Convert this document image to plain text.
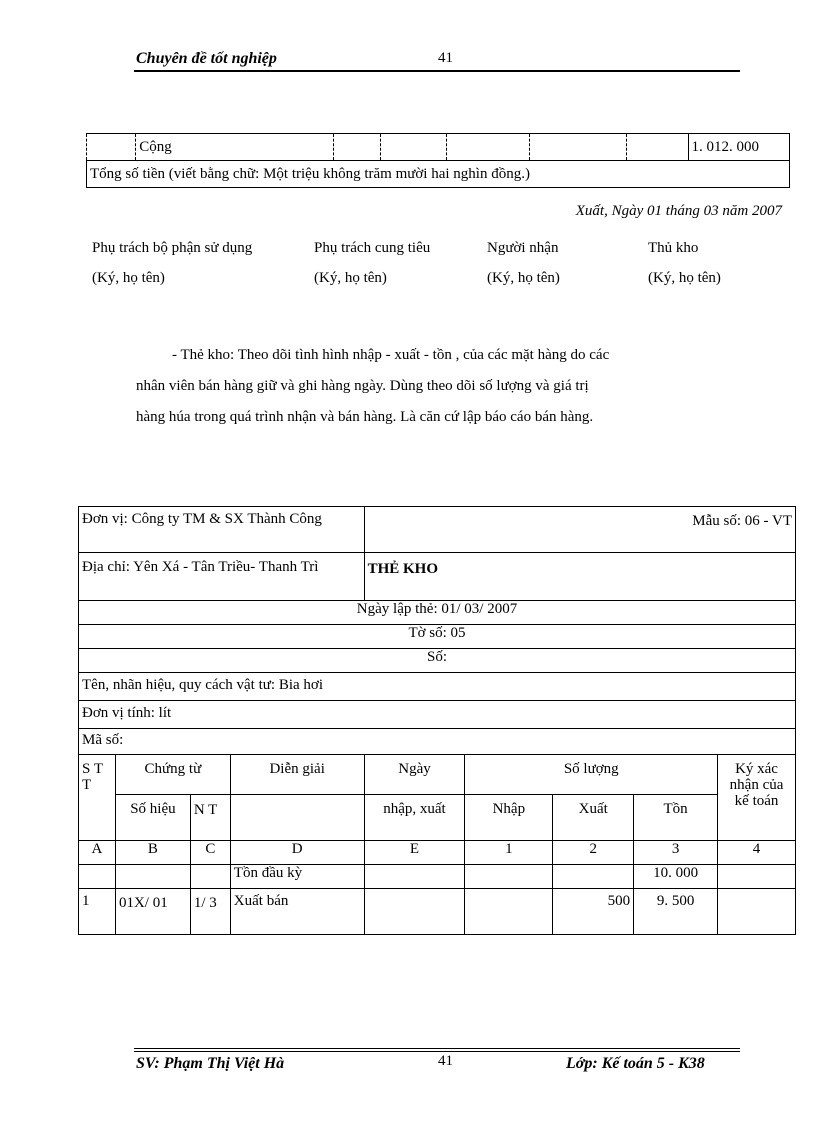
Chuyên đề tốt nghiệp	41
	Cộng						1. 012. 000
Tổng số tiền (viết bằng chữ: Một triệu không trăm mười hai nghìn đồng.)
Xuất, Ngày 01 tháng 03 năm 2007
Phụ trách bộ phận sử dụng
(Ký, họ tên)
Phụ trách cung tiêu
(Ký, họ tên)
Người nhận
(Ký, họ tên)
Thủ kho
(Ký, họ tên)

- Thẻ kho: Theo dõi tình hình nhập - xuất - tồn , của các mặt hàng do các

nhân viên bán hàng giữ và ghi hàng ngày. Dùng theo dõi số lượng và giá trị

hàng húa trong quá trình nhận và bán hàng. Là căn cứ lập báo cáo bán hàng.

Đơn vị: Công ty TM & SX Thành Công				Mẫu số: 06 - VT				
Địa chỉ: Yên Xá - Tân Triều- Thanh Trì				THẺ KHO				
Ngày lập thẻ: 01/ 03/ 2007								
Tờ số: 05								
Số:								
Tên, nhãn hiệu, quy cách vật tư: Bia hơi								
Đơn vị tính: lít								
Mã số:								
S T T	Chứng từ		Diễn giải	Ngày	Số lượng			Ký xác nhận của kế toán
	Số hiệu	N T		nhập, xuất	Nhập	Xuất	Tồn	
A	B	C	D	E	1	2	3	4
			Tồn đầu kỳ				10. 000	
1	01X/ 01	1/ 3	Xuất bán			500	9. 500	
SV: Phạm Thị Việt Hà	41	Lớp: Kế toán 5 - K38
